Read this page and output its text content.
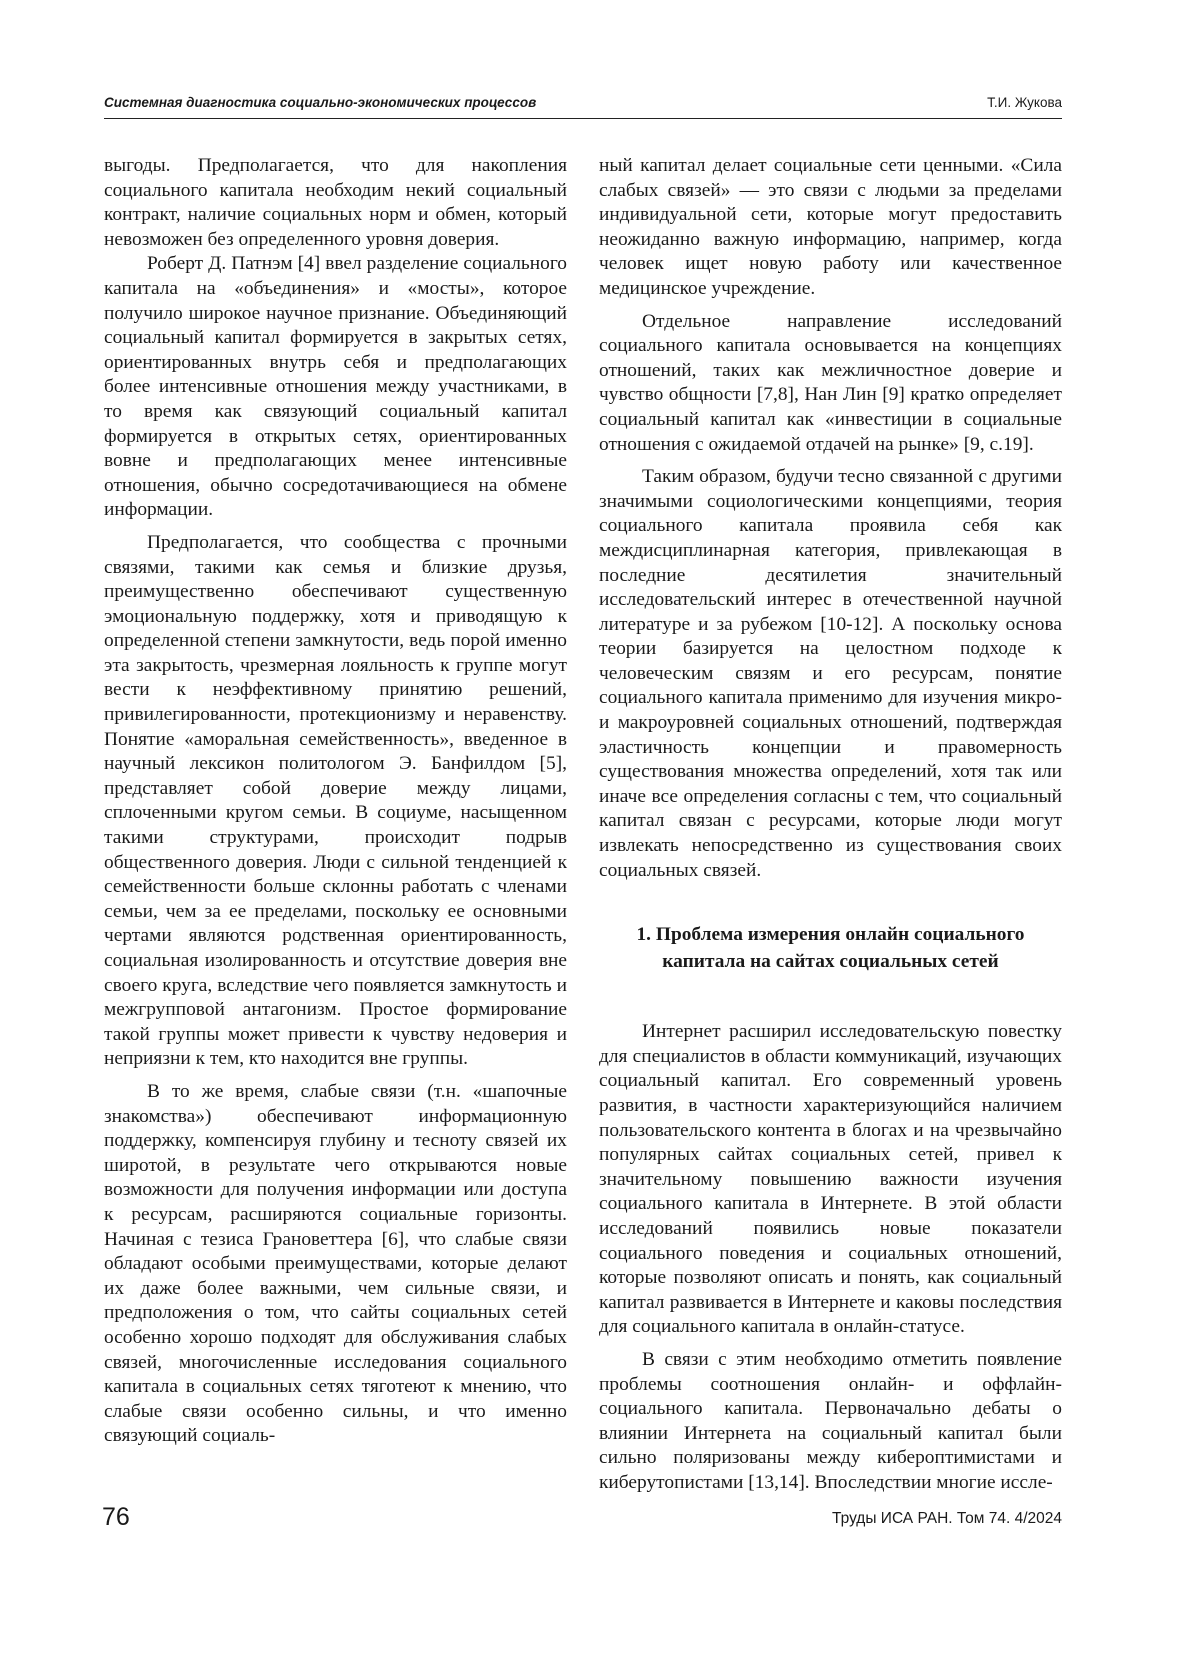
Системная диагностика социально-экономических процессов	Т.И. Жукова

выгоды. Предполагается, что для накопления социального капитала необходим некий социальный контракт, наличие социальных норм и обмен, который невозможен без определенного уровня доверия.

Роберт Д. Патнэм [4] ввел разделение социального капитала на «объединения» и «мосты», которое получило широкое научное признание. Объединяющий социальный капитал формируется в закрытых сетях, ориентированных внутрь себя и предполагающих более интенсивные отношения между участниками, в то время как связующий социальный капитал формируется в открытых сетях, ориентированных вовне и предполагающих менее интенсивные отношения, обычно сосредотачивающиеся на обмене информации.

Предполагается, что сообщества с прочными связями, такими как семья и близкие друзья, преимущественно обеспечивают существенную эмоциональную поддержку, хотя и приводящую к определенной степени замкнутости, ведь порой именно эта закрытость, чрезмерная лояльность к группе могут вести к неэффективному принятию решений, привилегированности, протекционизму и неравенству. Понятие «аморальная семейственность», введенное в научный лексикон политологом Э. Банфилдом [5], представляет собой доверие между лицами, сплоченными кругом семьи. В социуме, насыщенном такими структурами, происходит подрыв общественного доверия. Люди с сильной тенденцией к семейственности больше склонны работать с членами семьи, чем за ее пределами, поскольку ее основными чертами являются родственная ориентированность, социальная изолированность и отсутствие доверия вне своего круга, вследствие чего появляется замкнутость и межгрупповой антагонизм. Простое формирование такой группы может привести к чувству недоверия и неприязни к тем, кто находится вне группы.

В то же время, слабые связи (т.н. «шапочные знакомства») обеспечивают информационную поддержку, компенсируя глубину и тесноту связей их широтой, в результате чего открываются новые возможности для получения информации или доступа к ресурсам, расширяются социальные горизонты. Начиная с тезиса Грановеттера [6], что слабые связи обладают особыми преимуществами, которые делают их даже более важными, чем сильные связи, и предположения о том, что сайты социальных сетей особенно хорошо подходят для обслуживания слабых связей, многочисленные исследования социального капитала в социальных сетях тяготеют к мнению, что слабые связи особенно сильны, и что именно связующий социаль-

ный капитал делает социальные сети ценными. «Сила слабых связей» — это связи с людьми за пределами индивидуальной сети, которые могут предоставить неожиданно важную информацию, например, когда человек ищет новую работу или качественное медицинское учреждение.

Отдельное направление исследований социального капитала основывается на концепциях отношений, таких как межличностное доверие и чувство общности [7,8], Нан Лин [9] кратко определяет социальный капитал как «инвестиции в социальные отношения с ожидаемой отдачей на рынке» [9, с.19].

Таким образом, будучи тесно связанной с другими значимыми социологическими концепциями, теория социального капитала проявила себя как междисциплинарная категория, привлекающая в последние десятилетия значительный исследовательский интерес в отечественной научной литературе и за рубежом [10-12]. А поскольку основа теории базируется на целостном подходе к человеческим связям и его ресурсам, понятие социального капитала применимо для изучения микро- и макроуровней социальных отношений, подтверждая эластичность концепции и правомерность существования множества определений, хотя так или иначе все определения согласны с тем, что социальный капитал связан с ресурсами, которые люди могут извлекать непосредственно из существования своих социальных связей.

1. Проблема измерения онлайн социального капитала на сайтах социальных сетей

Интернет расширил исследовательскую повестку для специалистов в области коммуникаций, изучающих социальный капитал. Его современный уровень развития, в частности характеризующийся наличием пользовательского контента в блогах и на чрезвычайно популярных сайтах социальных сетей, привел к значительному повышению важности изучения социального капитала в Интернете. В этой области исследований появились новые показатели социального поведения и социальных отношений, которые позволяют описать и понять, как социальный капитал развивается в Интернете и каковы последствия для социального капитала в онлайн-статусе.

В связи с этим необходимо отметить появление проблемы соотношения онлайн- и оффлайн-социального капитала. Первоначально дебаты о влиянии Интернета на социальный капитал были сильно поляризованы между кибероптимистами и киберутопистами [13,14]. Впоследствии многие иссле-

76	Труды ИСА РАН. Том 74. 4/2024
